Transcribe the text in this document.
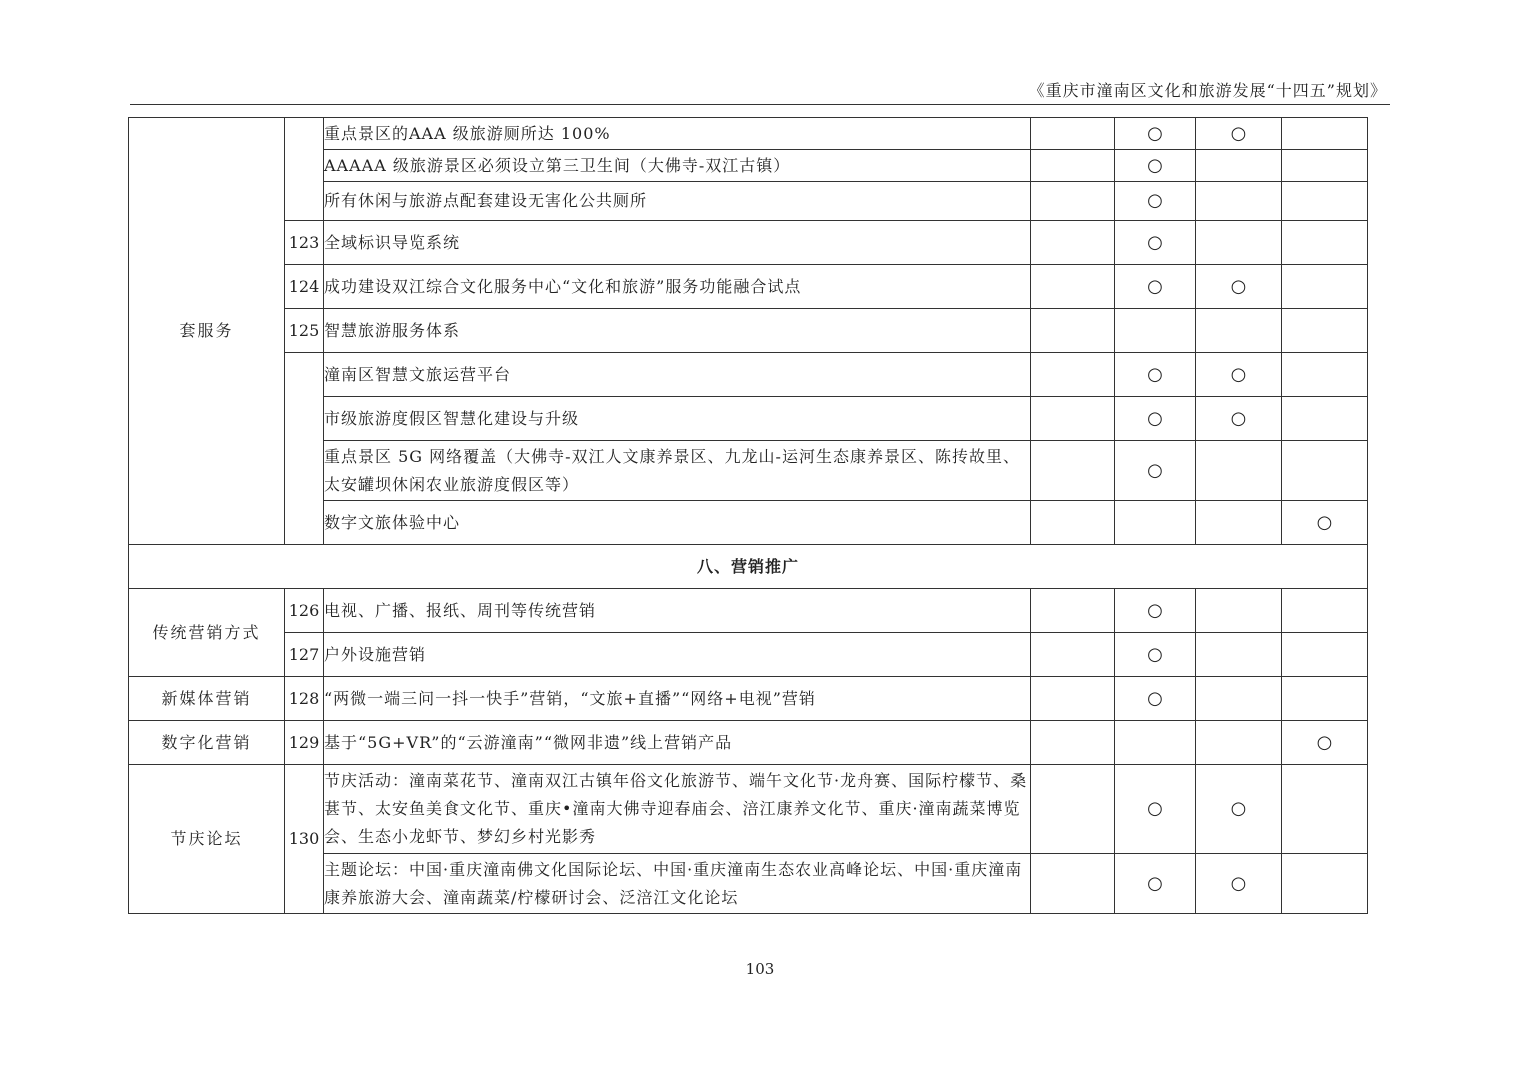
《重庆市潼南区文化和旅游发展“十四五”规划》
套服务		重点景区的AAA 级旅游厕所达 100%		○	○	
		AAAAA 级旅游景区必须设立第三卫生间（大佛寺-双江古镇）		○		
		所有休闲与旅游点配套建设无害化公共厕所		○		
	123	全域标识导览系统		○		
	124	成功建设双江综合文化服务中心“文化和旅游”服务功能融合试点		○	○	
	125	智慧旅游服务体系				
		潼南区智慧文旅运营平台		○	○	
		市级旅游度假区智慧化建设与升级		○	○	
		重点景区 5G 网络覆盖（大佛寺-双江人文康养景区、九龙山-运河生态康养景区、陈抟故里、太安罐坝休闲农业旅游度假区等）		○		
		数字文旅体验中心				○
八、营销推广						
传统营销方式	126	电视、广播、报纸、周刊等传统营销		○		
	127	户外设施营销		○		
新媒体营销	128	“两微一端三问一抖一快手”营销，“文旅+直播”“网络+电视”营销		○		
数字化营销	129	基于“5G+VR”的“云游潼南”“微网非遗”线上营销产品				○
节庆论坛	130	节庆活动：潼南菜花节、潼南双江古镇年俗文化旅游节、端午文化节·龙舟赛、国际柠檬节、桑葚节、太安鱼美食文化节、重庆•潼南大佛寺迎春庙会、涪江康养文化节、重庆·潼南蔬菜博览会、生态小龙虾节、梦幻乡村光影秀		○	○	
		主题论坛：中国·重庆潼南佛文化国际论坛、中国·重庆潼南生态农业高峰论坛、中国·重庆潼南康养旅游大会、潼南蔬菜/柠檬研讨会、泛涪江文化论坛		○	○	
103
